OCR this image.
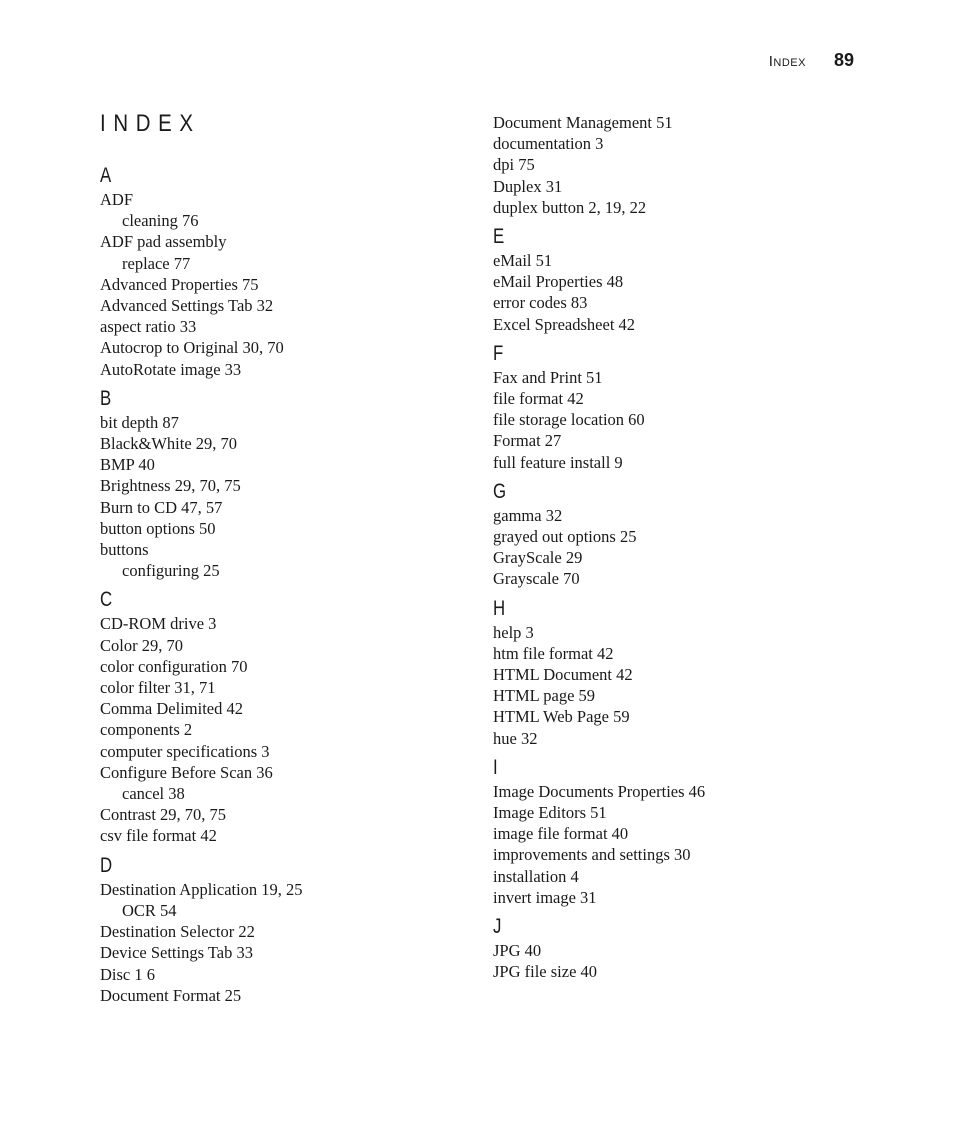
Index 89
INDEX
A
ADF
cleaning 76
ADF pad assembly
replace 77
Advanced Properties 75
Advanced Settings Tab 32
aspect ratio 33
Autocrop to Original 30, 70
AutoRotate image 33
B
bit depth 87
Black&White 29, 70
BMP 40
Brightness 29, 70, 75
Burn to CD 47, 57
button options 50
buttons
configuring 25
C
CD-ROM drive 3
Color 29, 70
color configuration 70
color filter 31, 71
Comma Delimited 42
components 2
computer specifications 3
Configure Before Scan 36
cancel 38
Contrast 29, 70, 75
csv file format 42
D
Destination Application 19, 25
OCR 54
Destination Selector 22
Device Settings Tab 33
Disc 1 6
Document Format 25
Document Management 51
documentation 3
dpi 75
Duplex 31
duplex button 2, 19, 22
E
eMail 51
eMail Properties 48
error codes 83
Excel Spreadsheet 42
F
Fax and Print 51
file format 42
file storage location 60
Format 27
full feature install 9
G
gamma 32
grayed out options 25
GrayScale 29
Grayscale 70
H
help 3
htm file format 42
HTML Document 42
HTML page 59
HTML Web Page 59
hue 32
I
Image Documents Properties 46
Image Editors 51
image file format 40
improvements and settings 30
installation 4
invert image 31
J
JPG 40
JPG file size 40
